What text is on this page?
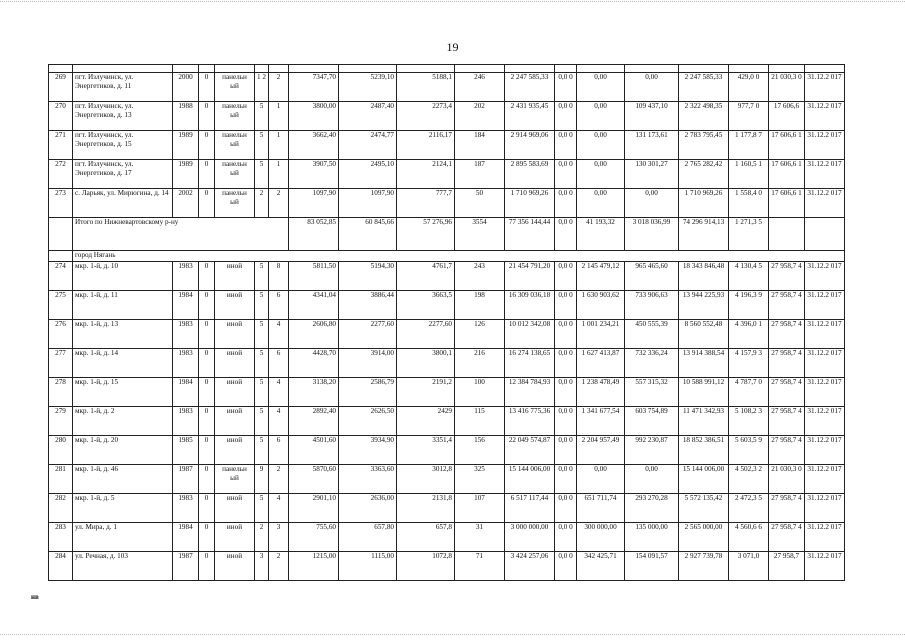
19

269	пгт. Излучинск, ул. Энергетиков, д. 11	2000	0	панельн ый	1 2	2	7347,70	5239,10	5188,1	246	2 247 585,33	0,0 0	0,00	0,00	2 247 585,33	429,0 0	21 030,3 0	31.12.2 017
270	пгт. Излучинск, ул. Энергетиков, д. 13	1988	0	панельн ый	5	1	3800,00	2487,40	2273,4	202	2 431 935,45	0,0 0	0,00	109 437,10	2 322 498,35	977,7 0	17 606,6	31.12.2 017
271	пгт. Излучинск, ул. Энергетиков, д. 15	1989	0	панельн ый	5	1	3662,40	2474,77	2116,17	184	2 914 969,06	0,0 0	0,00	131 173,61	2 783 795,45	1 177,8 7	17 606,6 1	31.12.2 017
272	пгт. Излучинск, ул. Энергетиков, д. 17	1989	0	панельн ый	5	1	3907,50	2495,10	2124,1	187	2 895 583,69	0,0 0	0,00	130 301,27	2 765 282,42	1 160,5 1	17 606,6 1	31.12.2 017
273	с. Ларьяк, ул. Мирюгина, д. 14	2002	0	панельн ый	2	2	1097,90	1097,90	777,7	50	1 710 969,26	0,0 0	0,00	0,00	1 710 969,26	1 558,4 0	17 606,6 1	31.12.2 017
	Итого по Нижневартовскому р-ну						83 052,85	60 845,66	57 276,96	3554	77 356 144,44	0,0 0	41 193,32	3 018 036,99	74 296 914,13	1 271,3 5		
	город Нягань																	
274	мкр. 1-й, д. 10	1983	0	иной	5	8	5811,50	5194,30	4761,7	243	21 454 791,20	0,0 0	2 145 479,12	965 465,60	18 343 846,48	4 130,4 5	27 958,7 4	31.12.2 017
275	мкр. 1-й, д. 11	1984	0	иной	5	6	4341,04	3886,44	3663,5	198	16 309 036,18	0,0 0	1 630 903,62	733 906,63	13 944 225,93	4 196,3 9	27 958,7 4	31.12.2 017
276	мкр. 1-й, д. 13	1983	0	иной	5	4	2606,80	2277,60	2277,60	126	10 012 342,08	0,0 0	1 001 234,21	450 555,39	8 560 552,48	4 396,0 1	27 958,7 4	31.12.2 017
277	мкр. 1-й, д. 14	1983	0	иной	5	6	4428,70	3914,00	3800,1	216	16 274 138,65	0,0 0	1 627 413,87	732 336,24	13 914 388,54	4 157,9 3	27 958,7 4	31.12.2 017
278	мкр. 1-й, д. 15	1984	0	иной	5	4	3138,20	2586,79	2191,2	100	12 384 784,93	0,0 0	1 238 478,49	557 315,32	10 588 991,12	4 787,7 0	27 958,7 4	31.12.2 017
279	мкр. 1-й, д. 2	1983	0	иной	5	4	2892,40	2626,50	2429	115	13 416 775,36	0,0 0	1 341 677,54	603 754,89	11 471 342,93	5 108,2 3	27 958,7 4	31.12.2 017
280	мкр. 1-й, д. 20	1985	0	иной	5	6	4501,60	3934,90	3351,4	156	22 049 574,87	0,0 0	2 204 957,49	992 230,87	18 852 386,51	5 603,5 9	27 958,7 4	31.12.2 017
281	мкр. 1-й, д. 46	1987	0	панельн ый	9	2	5870,60	3363,60	3012,8	325	15 144 006,00	0,0 0	0,00	0,00	15 144 006,00	4 502,3 2	21 030,3 0	31.12.2 017
282	мкр. 1-й, д. 5	1983	0	иной	5	4	2901,10	2636,00	2131,8	107	6 517 117,44	0,0 0	651 711,74	293 270,28	5 572 135,42	2 472,3 5	27 958,7 4	31.12.2 017
283	ул. Мира, д. 1	1984	0	иной	2	3	755,60	657,80	657,8	31	3 000 000,00	0,0 0	300 000,00	135 000,00	2 565 000,00	4 560,6 6	27 958,7 4	31.12.2 017
284	ул. Речная, д. 103	1987	0	иной	3	2	1215,00	1115,00	1072,8	71	3 424 257,06	0,0 0	342 425,71	154 091,57	2 927 739,78	3 071,0	27 958,7	31.12.2 017
нв
